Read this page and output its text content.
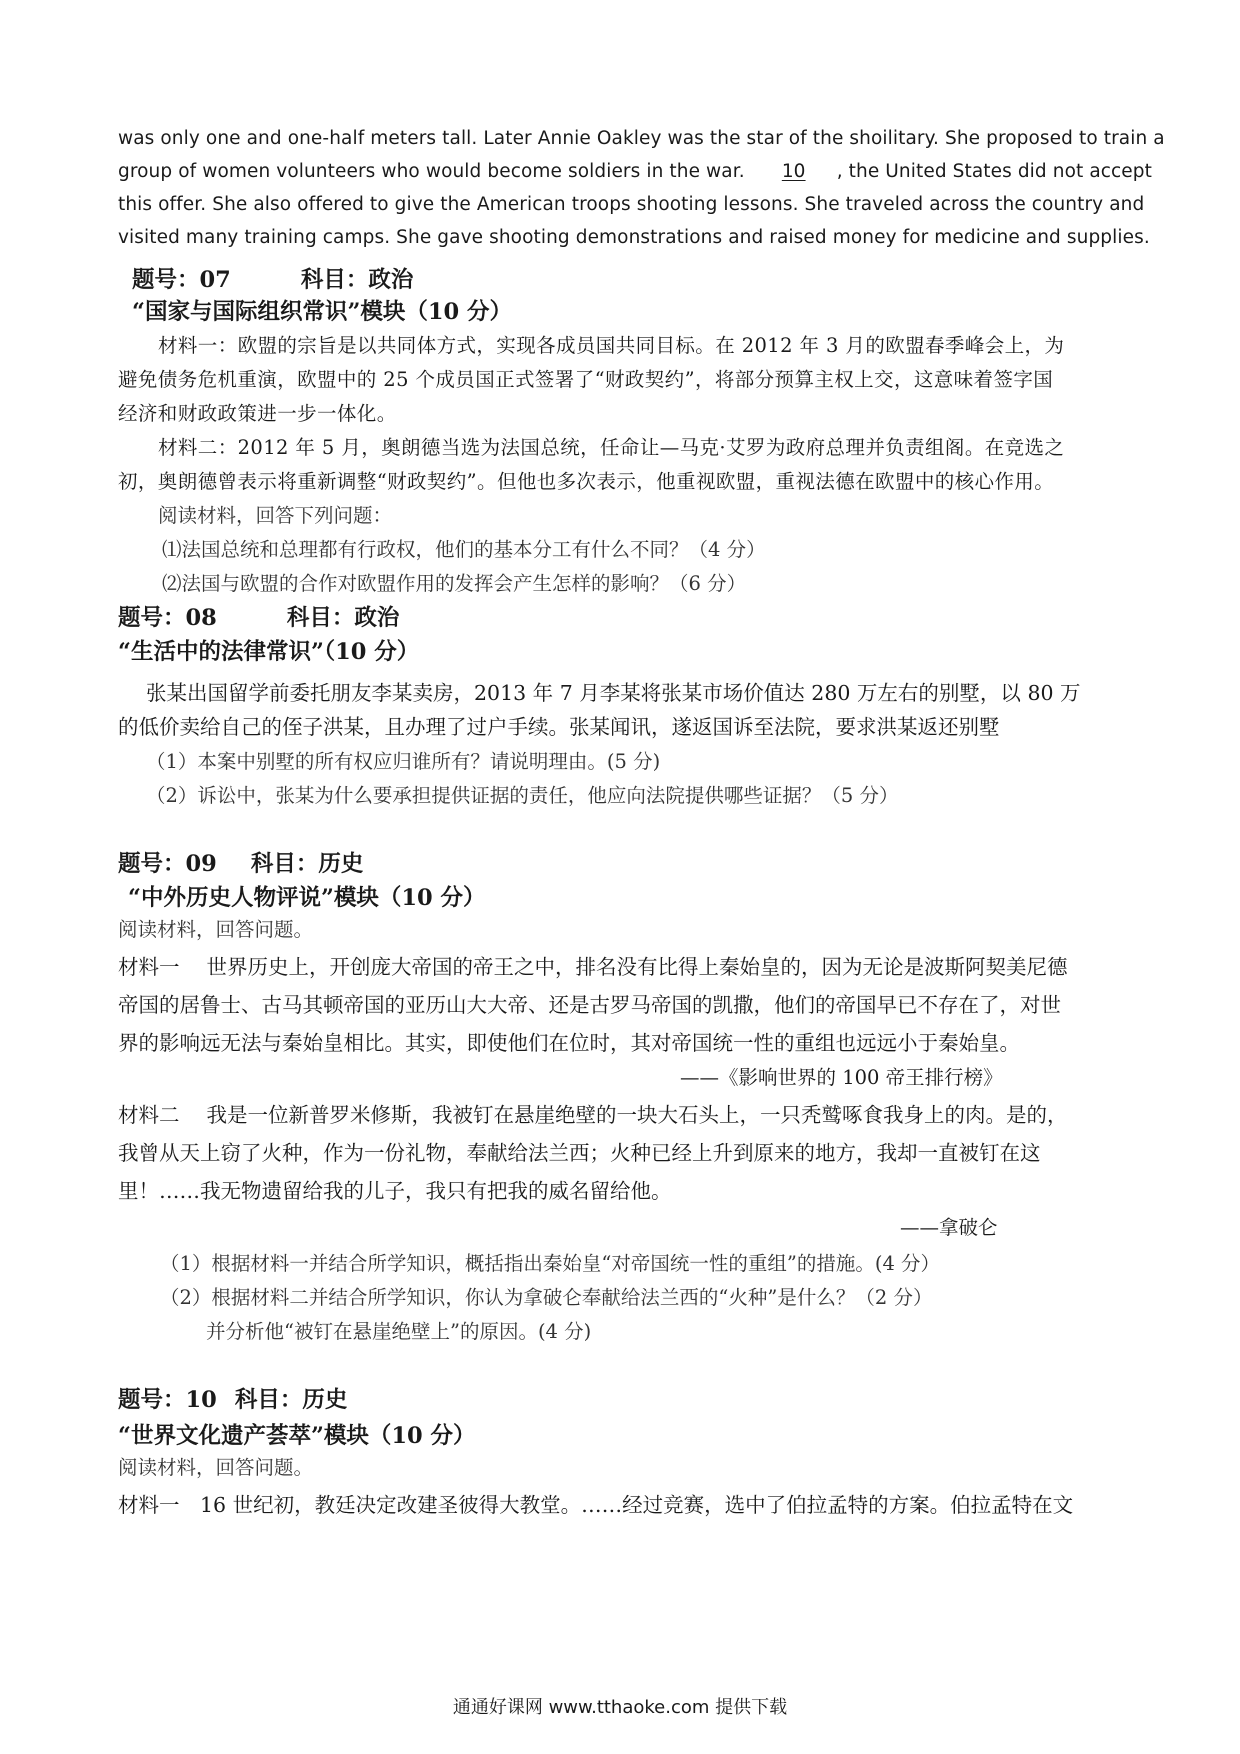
was only one and one-half meters tall. Later Annie Oakley was the star of the shoilitary. She proposed to train a

group of women volunteers who would become soldiers in the war. 10 , the United States did not accept

this offer. She also offered to give the American troops shooting lessons. She traveled across the country and

visited many training camps. She gave shooting demonstrations and raised money for medicine and supplies.

题号：07	科目：政治
“国家与国际组织常识”模块（10 分）
材料一：欧盟的宗旨是以共同体方式，实现各成员国共同目标。在 2012 年 3 月的欧盟春季峰会上，为
避免债务危机重演，欧盟中的 25 个成员国正式签署了“财政契约”，将部分预算主权上交，这意味着签字国
经济和财政政策进一步一体化。
材料二：2012 年 5 月，奥朗德当选为法国总统，任命让—马克·艾罗为政府总理并负责组阁。在竞选之
初，奥朗德曾表示将重新调整“财政契约”。但他也多次表示，他重视欧盟，重视法德在欧盟中的核心作用。
阅读材料，回答下列问题：
⑴法国总统和总理都有行政权，他们的基本分工有什么不同？（4 分）
⑵法国与欧盟的合作对欧盟作用的发挥会产生怎样的影响？（6 分）
题号：08	科目：政治
“生活中的法律常识”（10 分）
张某出国留学前委托朋友李某卖房，2013 年 7 月李某将张某市场价值达 280 万左右的别墅，以 80 万
的低价卖给自己的侄子洪某，且办理了过户手续。张某闻讯，遂返国诉至法院，要求洪某返还别墅
（1）本案中别墅的所有权应归谁所有？请说明理由。(5 分)
（2）诉讼中，张某为什么要承担提供证据的责任，他应向法院提供哪些证据？（5 分）
题号：09 科目：历史
“中外历史人物评说”模块（10 分）
阅读材料，回答问题。
材料一　 世界历史上，开创庞大帝国的帝王之中，排名没有比得上秦始皇的，因为无论是波斯阿契美尼德
帝国的居鲁士、古马其顿帝国的亚历山大大帝、还是古罗马帝国的凯撒，他们的帝国早已不存在了，对世
界的影响远无法与秦始皇相比。其实，即使他们在位时，其对帝国统一性的重组也远远小于秦始皇。
——《影响世界的 100 帝王排行榜》
材料二　 我是一位新普罗米修斯，我被钉在悬崖绝壁的一块大石头上，一只秃鹫啄食我身上的肉。是的，
我曾从天上窃了火种，作为一份礼物，奉献给法兰西；火种已经上升到原来的地方，我却一直被钉在这
里！……我无物遗留给我的儿子，我只有把我的威名留给他。
——拿破仑
（1）根据材料一并结合所学知识，概括指出秦始皇“对帝国统一性的重组”的措施。(4 分）
（2）根据材料二并结合所学知识，你认为拿破仑奉献给法兰西的“火种”是什么？（2 分）
并分析他“被钉在悬崖绝壁上”的原因。(4 分)
题号：10 科目：历史
“世界文化遗产荟萃”模块（10 分）
阅读材料，回答问题。
材料一　16 世纪初，教廷决定改建圣彼得大教堂。……经过竞赛，选中了伯拉孟特的方案。伯拉孟特在文
通通好课网 www.tthaoke.com 提供下载
